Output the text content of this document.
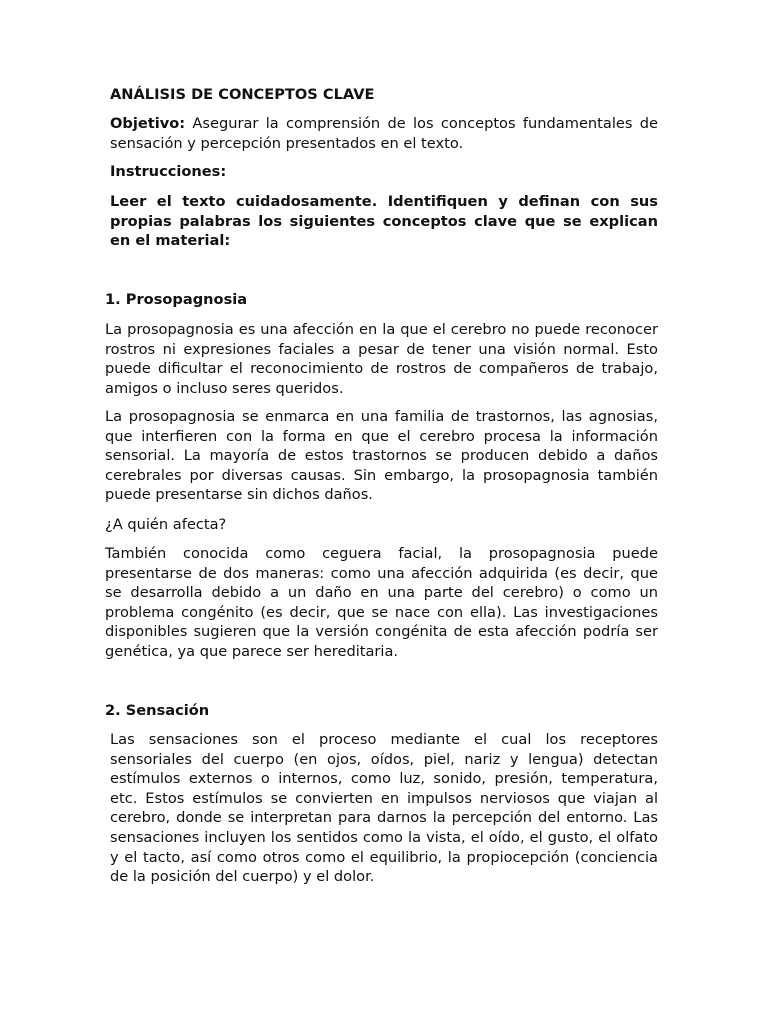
ANÁLISIS DE CONCEPTOS CLAVE

Objetivo: Asegurar la comprensión de los conceptos fundamentales de sensación y percepción presentados en el texto.

Instrucciones:

Leer el texto cuidadosamente. Identifiquen y definan con sus propias palabras los siguientes conceptos clave que se explican en el material:

1. Prosopagnosia

La prosopagnosia es una afección en la que el cerebro no puede reconocer rostros ni expresiones faciales a pesar de tener una visión normal. Esto puede dificultar el reconocimiento de rostros de compañeros de trabajo, amigos o incluso seres queridos.

La prosopagnosia se enmarca en una familia de trastornos, las agnosias, que interfieren con la forma en que el cerebro procesa la información sensorial. La mayoría de estos trastornos se producen debido a daños cerebrales por diversas causas. Sin embargo, la prosopagnosia también puede presentarse sin dichos daños.

¿A quién afecta?

También conocida como ceguera facial, la prosopagnosia puede presentarse de dos maneras: como una afección adquirida (es decir, que se desarrolla debido a un daño en una parte del cerebro) o como un problema congénito (es decir, que se nace con ella). Las investigaciones disponibles sugieren que la versión congénita de esta afección podría ser genética, ya que parece ser hereditaria.

2. Sensación

Las sensaciones son el proceso mediante el cual los receptores sensoriales del cuerpo (en ojos, oídos, piel, nariz y lengua) detectan estímulos externos o internos, como luz, sonido, presión, temperatura, etc. Estos estímulos se convierten en impulsos nerviosos que viajan al cerebro, donde se interpretan para darnos la percepción del entorno. Las sensaciones incluyen los sentidos como la vista, el oído, el gusto, el olfato y el tacto, así como otros como el equilibrio, la propiocepción (conciencia de la posición del cuerpo) y el dolor.
